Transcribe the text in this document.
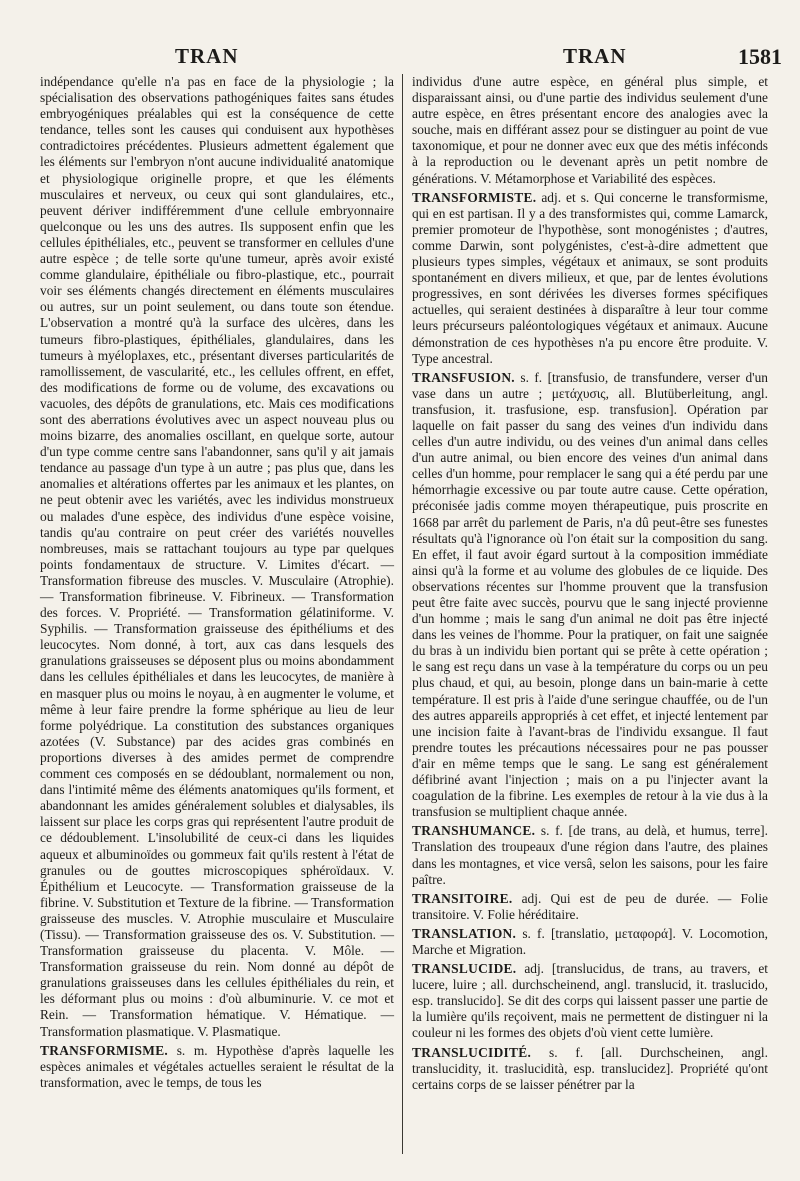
TRAN	TRAN	1581

indépendance qu'elle n'a pas en face de la physiologie ; la spécialisation des observations pathogéniques faites sans études embryogéniques préalables qui est la conséquence de cette tendance, telles sont les causes qui conduisent aux hypothèses contradictoires précédentes. Plusieurs admettent également que les éléments sur l'embryon n'ont aucune individualité anatomique et physiologique originelle propre, et que les éléments musculaires et nerveux, ou ceux qui sont glandulaires, etc., peuvent dériver indifféremment d'une cellule embryonnaire quelconque ou les uns des autres. Ils supposent enfin que les cellules épithéliales, etc., peuvent se transformer en cellules d'une autre espèce ; de telle sorte qu'une tumeur, après avoir existé comme glandulaire, épithéliale ou fibro-plastique, etc., pourrait voir ses éléments changés directement en éléments musculaires ou autres, sur un point seulement, ou dans toute son étendue. L'observation a montré qu'à la surface des ulcères, dans les tumeurs fibro-plastiques, épithéliales, glandulaires, dans les tumeurs à myéloplaxes, etc., présentant diverses particularités de ramollissement, de vascularité, etc., les cellules offrent, en effet, des modifications de forme ou de volume, des excavations ou vacuoles, des dépôts de granulations, etc. Mais ces modifications sont des aberrations évolutives avec un aspect nouveau plus ou moins bizarre, des anomalies oscillant, en quelque sorte, autour d'un type comme centre sans l'abandonner, sans qu'il y ait jamais tendance au passage d'un type à un autre ; pas plus que, dans les anomalies et altérations offertes par les animaux et les plantes, on ne peut obtenir avec les variétés, avec les individus monstrueux ou malades d'une espèce, des individus d'une espèce voisine, tandis qu'au contraire on peut créer des variétés nouvelles nombreuses, mais se rattachant toujours au type par quelques points fondamentaux de structure. V. Limites d'écart. — Transformation fibreuse des muscles. V. Musculaire (Atrophie). — Transformation fibrineuse. V. Fibrineux. — Transformation des forces. V. Propriété. — Transformation gélatiniforme. V. Syphilis. — Transformation graisseuse des épithéliums et des leucocytes. Nom donné, à tort, aux cas dans lesquels des granulations graisseuses se déposent plus ou moins abondamment dans les cellules épithéliales et dans les leucocytes, de manière à en masquer plus ou moins le noyau, à en augmenter le volume, et même à leur faire prendre la forme sphérique au lieu de leur forme polyédrique. La constitution des substances organiques azotées (V. Substance) par des acides gras combinés en proportions diverses à des amides permet de comprendre comment ces composés en se dédoublant, normalement ou non, dans l'intimité même des éléments anatomiques qu'ils forment, et abandonnant les amides généralement solubles et dialysables, ils laissent sur place les corps gras qui représentent l'autre produit de ce dédoublement. L'insolubilité de ceux-ci dans les liquides aqueux et albuminoïdes ou gommeux fait qu'ils restent à l'état de granules ou de gouttes microscopiques sphéroïdaux. V. Épithélium et Leucocyte. — Transformation graisseuse de la fibrine. V. Substitution et Texture de la fibrine. — Transformation graisseuse des muscles. V. Atrophie musculaire et Musculaire (Tissu). — Transformation graisseuse des os. V. Substitution. — Transformation graisseuse du placenta. V. Môle. — Transformation graisseuse du rein. Nom donné au dépôt de granulations graisseuses dans les cellules épithéliales du rein, et les déformant plus ou moins : d'où albuminurie. V. ce mot et Rein. — Transformation hématique. V. Hématique. — Transformation plasmatique. V. Plasmatique.

TRANSFORMISME. s. m. Hypothèse d'après laquelle les espèces animales et végétales actuelles seraient le résultat de la transformation, avec le temps, de tous les

individus d'une autre espèce, en général plus simple, et disparaissant ainsi, ou d'une partie des individus seulement d'une autre espèce, en êtres présentant encore des analogies avec la souche, mais en différant assez pour se distinguer au point de vue taxonomique, et pour ne donner avec eux que des métis inféconds à la reproduction ou le devenant après un petit nombre de générations. V. Métamorphose et Variabilité des espèces.

TRANSFORMISTE. adj. et s. Qui concerne le transformisme, qui en est partisan. Il y a des transformistes qui, comme Lamarck, premier promoteur de l'hypothèse, sont monogénistes ; d'autres, comme Darwin, sont polygénistes, c'est-à-dire admettent que plusieurs types simples, végétaux et animaux, se sont produits spontanément en divers milieux, et que, par de lentes évolutions progressives, en sont dérivées les diverses formes spécifiques actuelles, qui seraient destinées à disparaître à leur tour comme leurs précurseurs paléontologiques végétaux et animaux. Aucune démonstration de ces hypothèses n'a pu encore être produite. V. Type ancestral.

TRANSFUSION. s. f. [transfusio, de transfundere, verser d'un vase dans un autre ; μετάχυσις, all. Blutüberleitung, angl. transfusion, it. trasfusione, esp. transfusion]. Opération par laquelle on fait passer du sang des veines d'un individu dans celles d'un autre individu, ou des veines d'un animal dans celles d'un autre animal, ou bien encore des veines d'un animal dans celles d'un homme, pour remplacer le sang qui a été perdu par une hémorrhagie excessive ou par toute autre cause. Cette opération, préconisée jadis comme moyen thérapeutique, puis proscrite en 1668 par arrêt du parlement de Paris, n'a dû peut-être ses funestes résultats qu'à l'ignorance où l'on était sur la composition du sang. En effet, il faut avoir égard surtout à la composition immédiate ainsi qu'à la forme et au volume des globules de ce liquide. Des observations récentes sur l'homme prouvent que la transfusion peut être faite avec succès, pourvu que le sang injecté provienne d'un homme ; mais le sang d'un animal ne doit pas être injecté dans les veines de l'homme. Pour la pratiquer, on fait une saignée du bras à un individu bien portant qui se prête à cette opération ; le sang est reçu dans un vase à la température du corps ou un peu plus chaud, et qui, au besoin, plonge dans un bain-marie à cette température. Il est pris à l'aide d'une seringue chauffée, ou de l'un des autres appareils appropriés à cet effet, et injecté lentement par une incision faite à l'avant-bras de l'individu exsangue. Il faut prendre toutes les précautions nécessaires pour ne pas pousser d'air en même temps que le sang. Le sang est généralement défibriné avant l'injection ; mais on a pu l'injecter avant la coagulation de la fibrine. Les exemples de retour à la vie dus à la transfusion se multiplient chaque année.

TRANSHUMANCE. s. f. [de trans, au delà, et humus, terre]. Translation des troupeaux d'une région dans l'autre, des plaines dans les montagnes, et vice versâ, selon les saisons, pour les faire paître.

TRANSITOIRE. adj. Qui est de peu de durée. — Folie transitoire. V. Folie héréditaire.

TRANSLATION. s. f. [translatio, μεταφορά]. V. Locomotion, Marche et Migration.

TRANSLUCIDE. adj. [translucidus, de trans, au travers, et lucere, luire ; all. durchscheinend, angl. translucid, it. traslucido, esp. translucido]. Se dit des corps qui laissent passer une partie de la lumière qu'ils reçoivent, mais ne permettent de distinguer ni la couleur ni les formes des objets d'où vient cette lumière.

TRANSLUCIDITÉ. s. f. [all. Durchscheinen, angl. translucidity, it. traslucidità, esp. translucidez]. Propriété qu'ont certains corps de se laisser pénétrer par la
